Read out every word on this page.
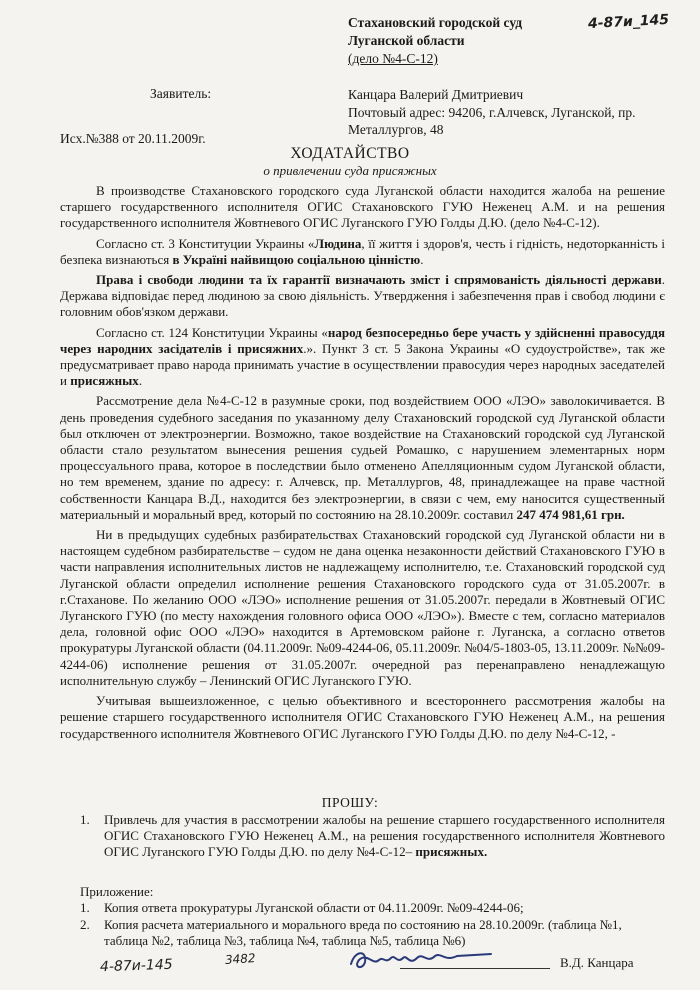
Стахановский городской суд
Луганской области
(дело №4-С-12)
4-87и_145
Заявитель:	Канцара Валерий Дмитриевич
Почтовый адрес: 94206, г.Алчевск, Луганской, пр. Металлургов, 48
Исх.№388 от 20.11.2009г.
ХОДАТАЙСТВО
о привлечении суда присяжных

В производстве Стахановского городского суда Луганской области находится жалоба на решение старшего государственного исполнителя ОГИС Стахановского ГУЮ Неженец А.М. и на решения государственного исполнителя Жовтневого ОГИС Луганского ГУЮ Голды Д.Ю. (дело №4-С-12).

Согласно ст. 3 Конституции Украины «Людина, її життя і здоров'я, честь і гідність, недоторканність і безпека визнаються в Україні найвищою соціальною цінністю.

Права і свободи людини та їх гарантії визначають зміст і спрямованість діяльності держави. Держава відповідає перед людиною за свою діяльність. Утвердження і забезпечення прав і свобод людини є головним обов'язком держави.

Согласно ст. 124 Конституции Украины «народ безпосередньо бере участь у здійсненні правосуддя через народних засідателів і присяжних.». Пункт 3 ст. 5 Закона Украины «О судоустройстве», так же предусматривает право народа принимать участие в осуществлении правосудия через народных заседателей и присяжных.

Рассмотрение дела №4-С-12 в разумные сроки, под воздействием ООО «ЛЭО» заволокичивается. В день проведения судебного заседания по указанному делу Стахановский городской суд Луганской области был отключен от электроэнергии. Возможно, такое воздействие на Стахановский городской суд Луганской области стало результатом вынесения решения судьей Ромашко, с нарушением элементарных норм процессуального права, которое в последствии было отменено Апелляционным судом Луганской области, но тем временем, здание по адресу: г. Алчевск, пр. Металлургов, 48, принадлежащее на праве частной собственности Канцара В.Д., находится без электроэнергии, в связи с чем, ему наносится существенный материальный и моральный вред, который по состоянию на 28.10.2009г. составил 247 474 981,61 грн.

Ни в предыдущих судебных разбирательствах Стахановский городской суд Луганской области ни в настоящем судебном разбирательстве – судом не дана оценка незаконности действий Стахановского ГУЮ в части направления исполнительных листов не надлежащему исполнителю, т.е. Стахановский городской суд Луганской области определил исполнение решения Стахановского городского суда от 31.05.2007г. в г.Стаханове. По желанию ООО «ЛЭО» исполнение решения от 31.05.2007г. передали в Жовтневый ОГИС Луганского ГУЮ (по месту нахождения головного офиса ООО «ЛЭО»). Вместе с тем, согласно материалов дела, головной офис ООО «ЛЭО» находится в Артемовском районе г. Луганска, а согласно ответов прокуратуры Луганской области (04.11.2009г. №09-4244-06, 05.11.2009г. №04/5-1803-05, 13.11.2009г. №№09-4244-06) исполнение решения от 31.05.2007г. очередной раз перенаправлено ненадлежащую исполнительную службу – Ленинский ОГИС Луганского ГУЮ.

Учитывая вышеизложенное, с целью объективного и всестороннего рассмотрения жалобы на решение старшего государственного исполнителя ОГИС Стахановского ГУЮ Неженец А.М., на решения государственного исполнителя Жовтневого ОГИС Луганского ГУЮ Голды Д.Ю. по делу №4-С-12, -

ПРОШУ:
1. Привлечь для участия в рассмотрении жалобы на решение старшего государственного исполнителя ОГИС Стахановского ГУЮ Неженец А.М., на решения государственного исполнителя Жовтневого ОГИС Луганского ГУЮ Голды Д.Ю. по делу №4-С-12– присяжных.
Приложение:
1. Копия ответа прокуратуры Луганской области от 04.11.2009г. №09-4244-06;
2. Копия расчета материального и морального вреда по состоянию на 28.10.2009г. (таблица №1, таблица №2, таблица №3, таблица №4, таблица №5, таблица №6)
4-87и-145	3482	В.Д. Канцара
